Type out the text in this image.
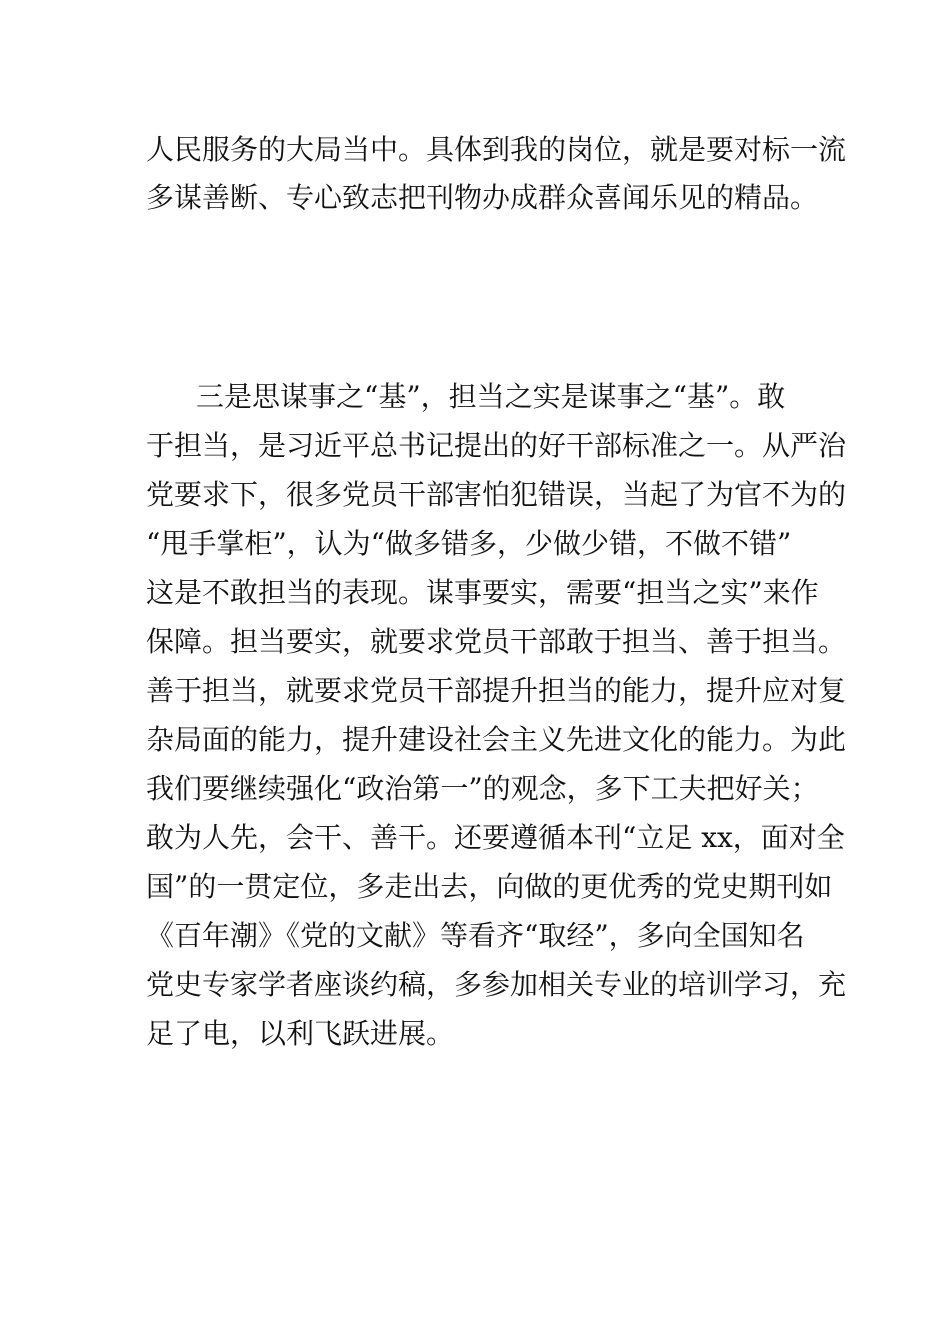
人民服务的大局当中。具体到我的岗位，就是要对标一流
多谋善断、专心致志把刊物办成群众喜闻乐见的精品。
三是思谋事之“基”，担当之实是谋事之“基”。敢
于担当，是习近平总书记提出的好干部标准之一。从严治
党要求下，很多党员干部害怕犯错误，当起了为官不为的
“甩手掌柜”，认为“做多错多，少做少错，不做不错”
这是不敢担当的表现。谋事要实，需要“担当之实”来作
保障。担当要实，就要求党员干部敢于担当、善于担当。
善于担当，就要求党员干部提升担当的能力，提升应对复
杂局面的能力，提升建设社会主义先进文化的能力。为此
我们要继续强化“政治第一”的观念，多下工夫把好关；
敢为人先，会干、善干。还要遵循本刊“立足 xx，面对全
国”的一贯定位，多走出去，向做的更优秀的党史期刊如
《百年潮》《党的文献》等看齐“取经”，多向全国知名
党史专家学者座谈约稿，多参加相关专业的培训学习，充
足了电，以利飞跃进展。
